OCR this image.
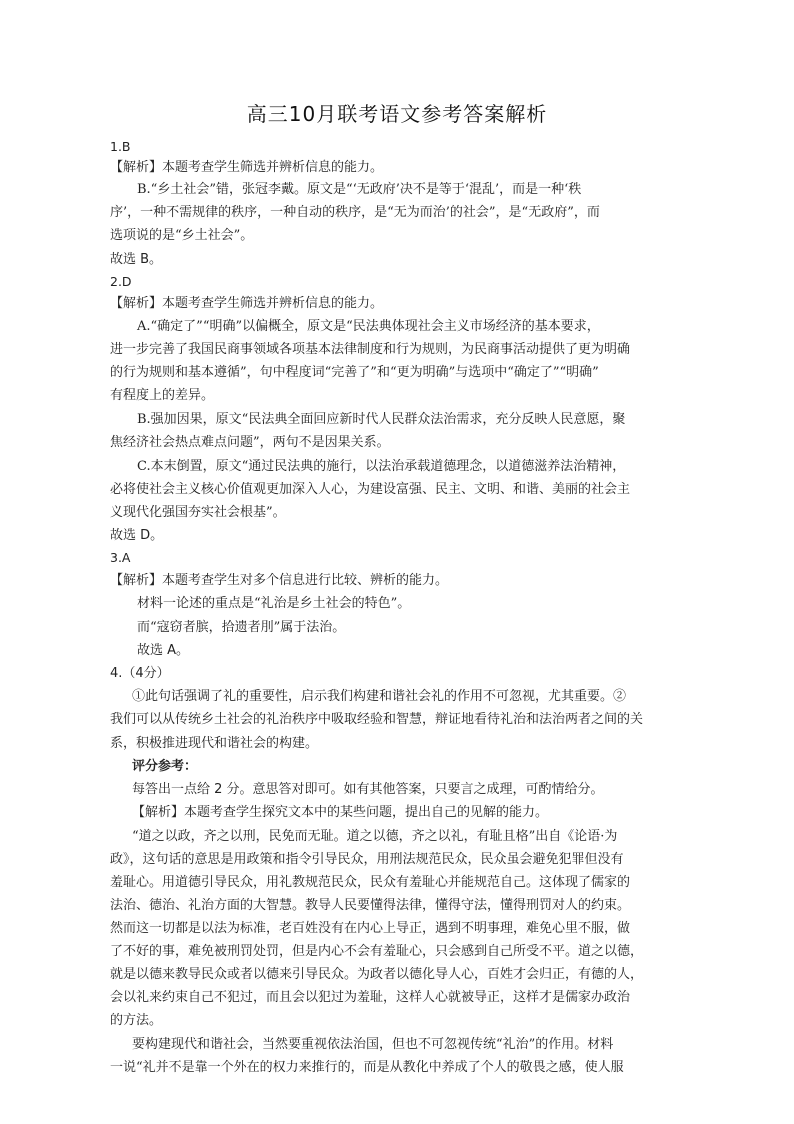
高三10月联考语文参考答案解析
1.B
【解析】本题考查学生筛选并辨析信息的能力。
B.“乡土社会”错，张冠李戴。原文是“‘无政府’决不是等于‘混乱’，而是一种‘秩
序’，一种不需规律的秩序，一种自动的秩序，是“无为而治’的社会”，是“无政府”，而
选项说的是“乡土社会”。
故选 B。
2.D
【解析】本题考查学生筛选并辨析信息的能力。
A.“确定了”“明确”以偏概全，原文是“民法典体现社会主义市场经济的基本要求，
进一步完善了我国民商事领域各项基本法律制度和行为规则，为民商事活动提供了更为明确
的行为规则和基本遵循”，句中程度词“完善了”和“更为明确”与选项中“确定了”“明确”
有程度上的差异。
B.强加因果，原文“民法典全面回应新时代人民群众法治需求，充分反映人民意愿，聚
焦经济社会热点难点问题”，两句不是因果关系。
C.本末倒置，原文“通过民法典的施行，以法治承载道德理念，以道德滋养法治精神，
必将使社会主义核心价值观更加深入人心，为建设富强、民主、文明、和谐、美丽的社会主
义现代化强国夯实社会根基”。
故选 D。
3.A
【解析】本题考查学生对多个信息进行比较、辨析的能力。
材料一论述的重点是“礼治是乡土社会的特色”。
而“寇窃者膑，拾遗者刖”属于法治。
故选 A。
4.（4分）
①此句话强调了礼的重要性，启示我们构建和谐社会礼的作用不可忽视，尤其重要。②
我们可以从传统乡土社会的礼治秩序中吸取经验和智慧，辩证地看待礼治和法治两者之间的关
系，积极推进现代和谐社会的构建。
评分参考：
每答出一点给 2 分。意思答对即可。如有其他答案，只要言之成理，可酌情给分。
【解析】本题考查学生探究文本中的某些问题，提出自己的见解的能力。
“道之以政，齐之以刑，民免而无耻。道之以德，齐之以礼，有耻且格”出自《论语·为
政》，这句话的意思是用政策和指令引导民众，用刑法规范民众，民众虽会避免犯罪但没有
羞耻心。用道德引导民众，用礼教规范民众，民众有羞耻心并能规范自己。这体现了儒家的
法治、德治、礼治方面的大智慧。教导人民要懂得法律，懂得守法，懂得刑罚对人的约束。
然而这一切都是以法为标准，老百姓没有在内心上导正，遇到不明事理，难免心里不服，做
了不好的事，难免被刑罚处罚，但是内心不会有羞耻心，只会感到自己所受不平。道之以德，
就是以德来教导民众或者以德来引导民众。为政者以德化导人心，百姓才会归正，有德的人，
会以礼来约束自己不犯过，而且会以犯过为羞耻，这样人心就被导正，这样才是儒家办政治
的方法。
要构建现代和谐社会，当然要重视依法治国，但也不可忽视传统“礼治”的作用。材料
一说“礼并不是靠一个外在的权力来推行的，而是从教化中养成了个人的敬畏之感，使人服
